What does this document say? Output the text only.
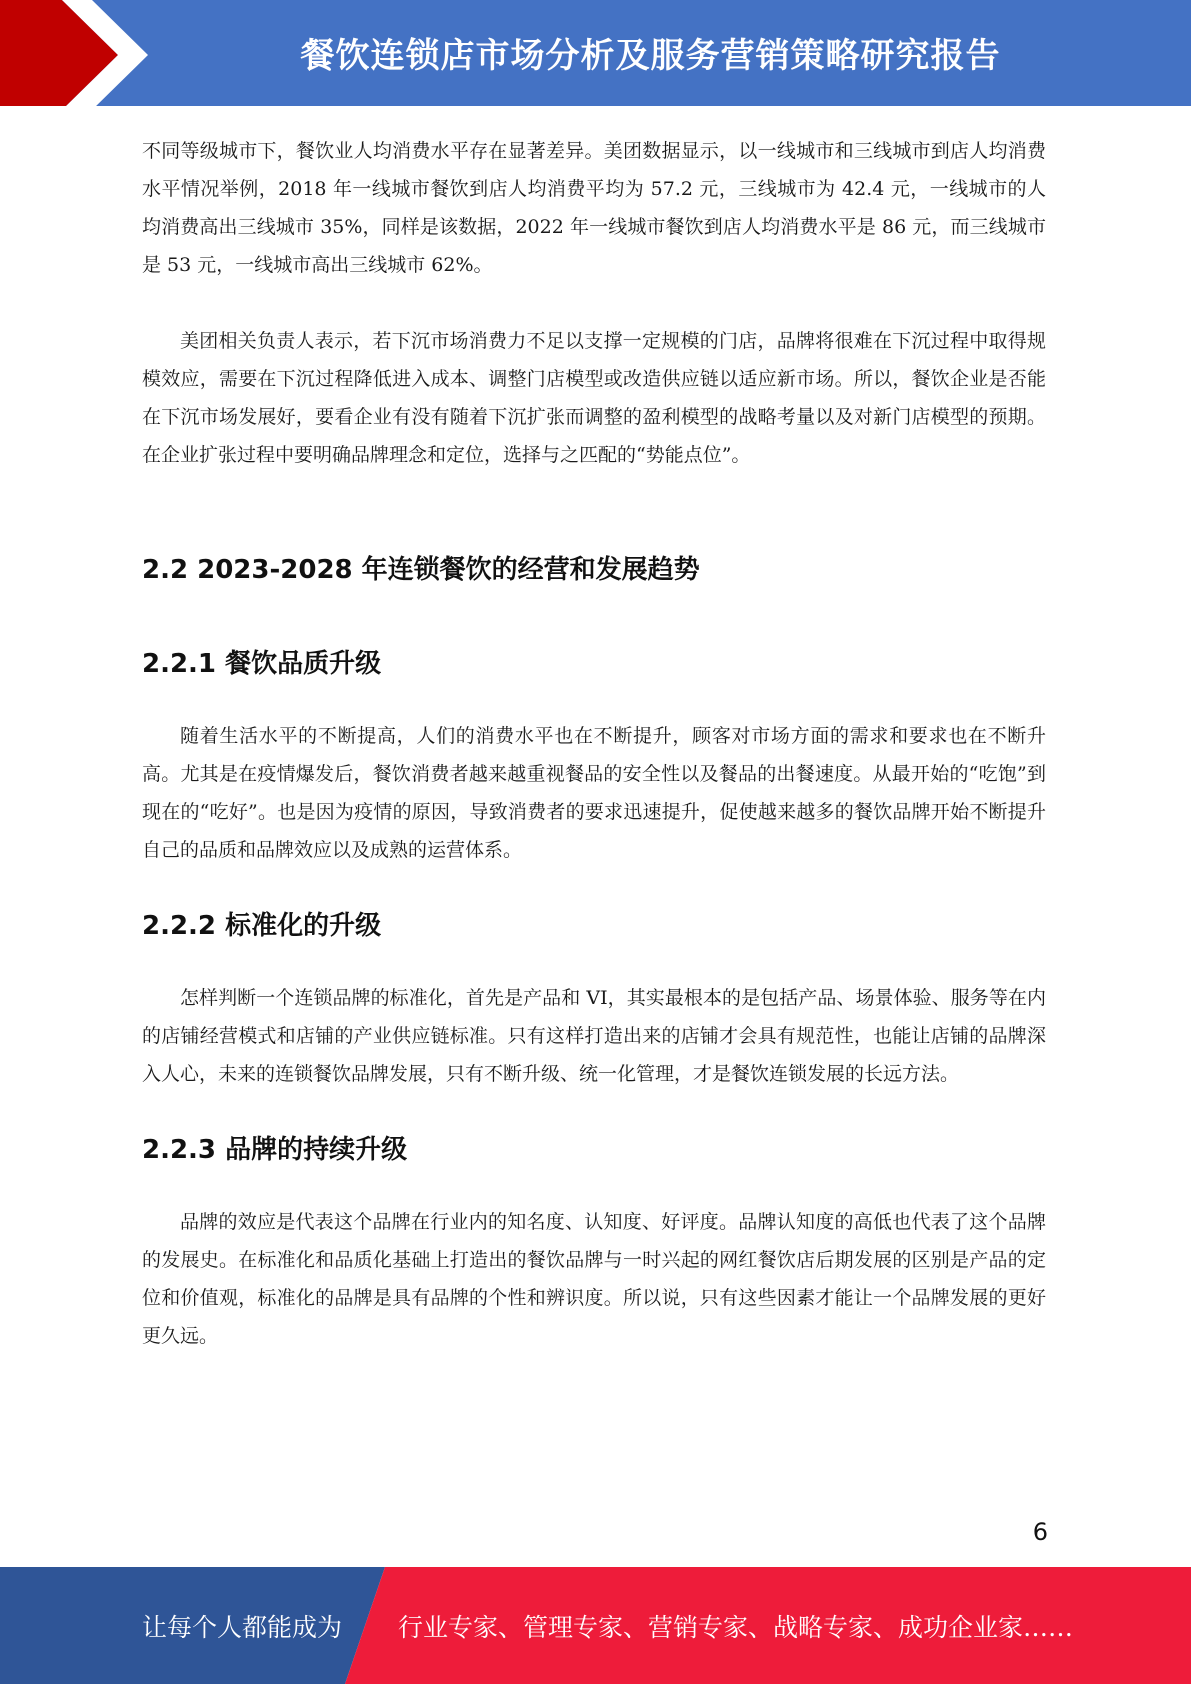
餐饮连锁店市场分析及服务营销策略研究报告

不同等级城市下，餐饮业人均消费水平存在显著差异。美团数据显示，以一线城市和三线城市到店人均消费水平情况举例，2018 年一线城市餐饮到店人均消费平均为 57.2 元，三线城市为 42.4 元，一线城市的人均消费高出三线城市 35%，同样是该数据，2022 年一线城市餐饮到店人均消费水平是 86 元，而三线城市是 53 元，一线城市高出三线城市 62%。

美团相关负责人表示，若下沉市场消费力不足以支撑一定规模的门店，品牌将很难在下沉过程中取得规模效应，需要在下沉过程降低进入成本、调整门店模型或改造供应链以适应新市场。所以，餐饮企业是否能在下沉市场发展好，要看企业有没有随着下沉扩张而调整的盈利模型的战略考量以及对新门店模型的预期。在企业扩张过程中要明确品牌理念和定位，选择与之匹配的“势能点位”。

2.2 2023-2028 年连锁餐饮的经营和发展趋势
2.2.1 餐饮品质升级

随着生活水平的不断提高，人们的消费水平也在不断提升，顾客对市场方面的需求和要求也在不断升高。尤其是在疫情爆发后，餐饮消费者越来越重视餐品的安全性以及餐品的出餐速度。从最开始的“吃饱”到现在的“吃好”。也是因为疫情的原因，导致消费者的要求迅速提升，促使越来越多的餐饮品牌开始不断提升自己的品质和品牌效应以及成熟的运营体系。

2.2.2 标准化的升级

怎样判断一个连锁品牌的标准化，首先是产品和 VI，其实最根本的是包括产品、场景体验、服务等在内的店铺经营模式和店铺的产业供应链标准。只有这样打造出来的店铺才会具有规范性，也能让店铺的品牌深入人心，未来的连锁餐饮品牌发展，只有不断升级、统一化管理，才是餐饮连锁发展的长远方法。

2.2.3 品牌的持续升级

品牌的效应是代表这个品牌在行业内的知名度、认知度、好评度。品牌认知度的高低也代表了这个品牌的发展史。在标准化和品质化基础上打造出的餐饮品牌与一时兴起的网红餐饮店后期发展的区别是产品的定位和价值观，标准化的品牌是具有品牌的个性和辨识度。所以说，只有这些因素才能让一个品牌发展的更好更久远。

6
让每个人都能成为 行业专家、管理专家、营销专家、战略专家、成功企业家……
